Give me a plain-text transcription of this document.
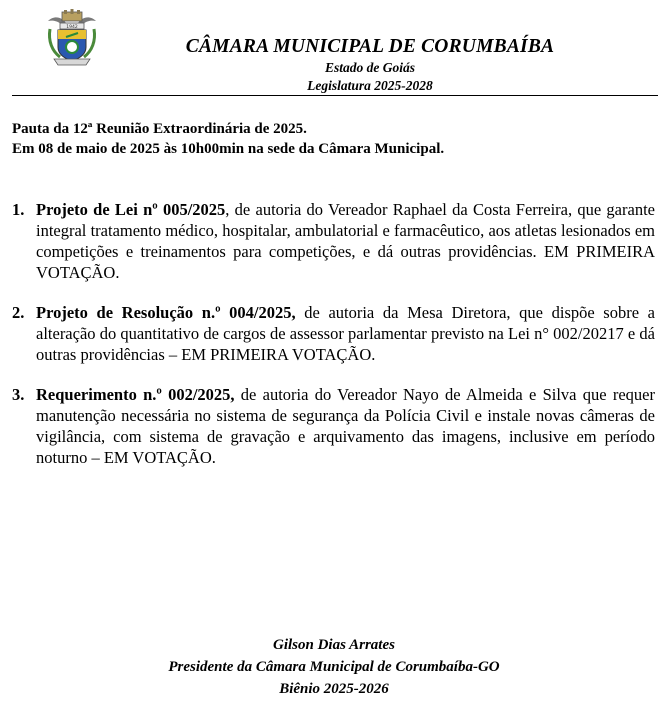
1942
CÂMARA MUNICIPAL DE CORUMBAÍBA
Estado de Goiás
Legislatura 2025-2028
Pauta da 12ª Reunião Extraordinária de 2025.
Em 08 de maio de 2025 às 10h00min na sede da Câmara Municipal.
1. Projeto de Lei nº 005/2025, de autoria do Vereador Raphael da Costa Ferreira, que garante integral tratamento médico, hospitalar, ambulatorial e farmacêutico, aos atletas lesionados em competições e treinamentos para competições, e dá outras providências. EM PRIMEIRA VOTAÇÃO.
2. Projeto de Resolução n.º 004/2025, de autoria da Mesa Diretora, que dispõe sobre a alteração do quantitativo de cargos de assessor parlamentar previsto na Lei n° 002/20217 e dá outras providências – EM PRIMEIRA VOTAÇÃO.
3. Requerimento n.º 002/2025, de autoria do Vereador Nayo de Almeida e Silva que requer manutenção necessária no sistema de segurança da Polícia Civil e instale novas câmeras de vigilância, com sistema de gravação e arquivamento das imagens, inclusive em período noturno – EM VOTAÇÃO.
Gilson Dias Arrates
Presidente da Câmara Municipal de Corumbaíba-GO
Biênio 2025-2026
